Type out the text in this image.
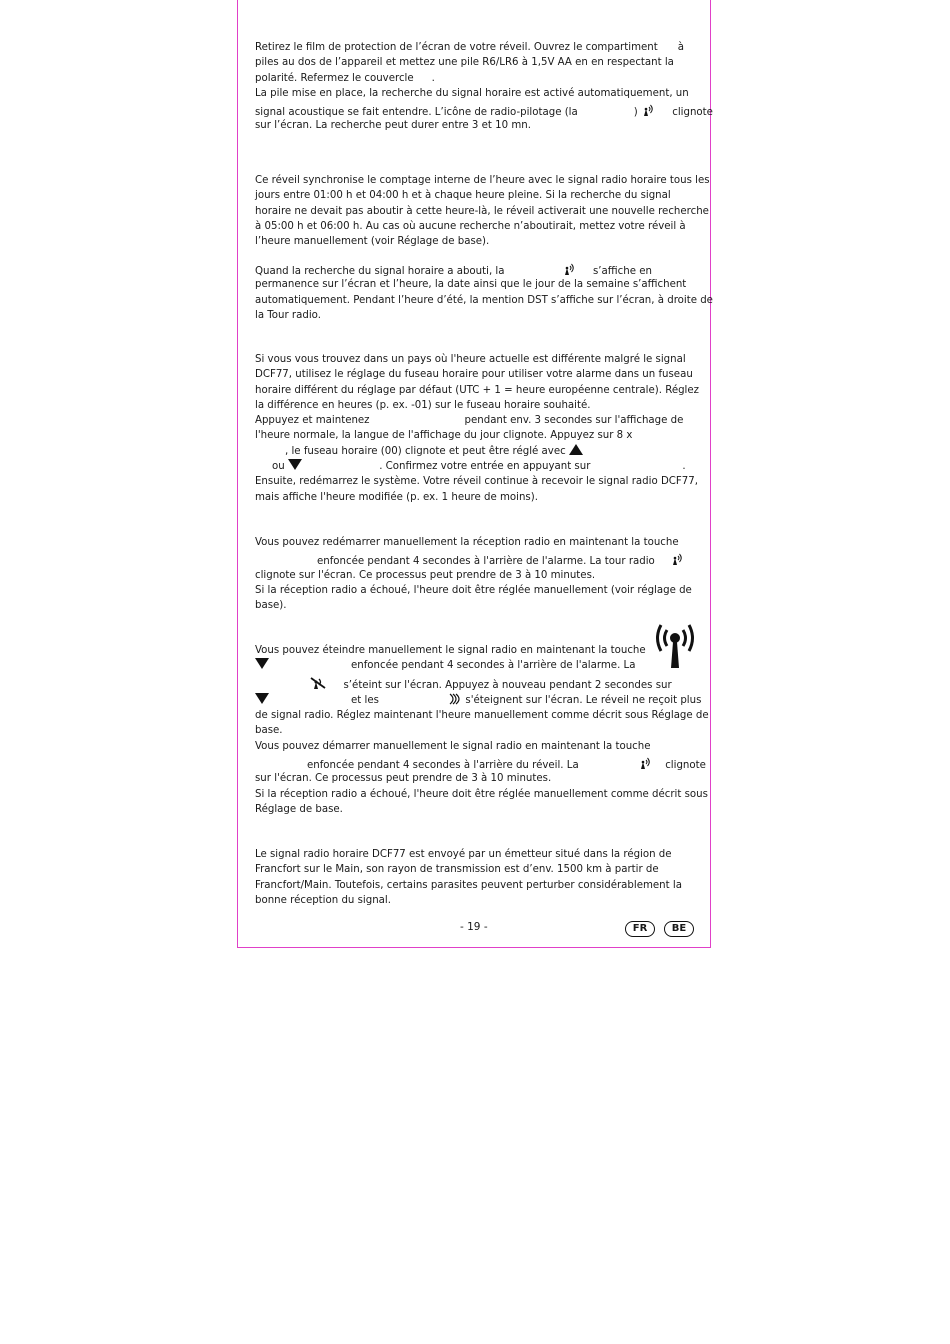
Retirez le film de protection de l’écran de votre réveil. Ouvrez le compartiment à
piles au dos de l’appareil et mettez une pile R6/LR6 à 1,5V AA en en respectant la
polarité. Refermez le couvercle .
La pile mise en place, la recherche du signal horaire est activé automatiquement, un
signal acoustique se fait entendre. L’icône de radio-pilotage (la	)	clignote
sur l’écran. La recherche peut durer entre 3 et 10 mn.
Ce réveil synchronise le comptage interne de l’heure avec le signal radio horaire tous les
jours entre 01:00 h et 04:00 h et à chaque heure pleine. Si la recherche du signal
horaire ne devait pas aboutir à cette heure-là, le réveil activerait une nouvelle recherche
à 05:00 h et 06:00 h. Au cas où aucune recherche n’aboutirait, mettez votre réveil à
l’heure manuellement (voir Réglage de base).
Quand la recherche du signal horaire a abouti, la	s’affiche en
permanence sur l’écran et l’heure, la date ainsi que le jour de la semaine s’affichent
automatiquement. Pendant l’heure d’été, la mention DST s’affiche sur l’écran, à droite de
la Tour radio.
Si vous vous trouvez dans un pays où l'heure actuelle est différente malgré le signal
DCF77, utilisez le réglage du fuseau horaire pour utiliser votre alarme dans un fuseau
horaire différent du réglage par défaut (UTC + 1 = heure européenne centrale). Réglez
la différence en heures (p. ex. -01) sur le fuseau horaire souhaité.
Appuyez et maintenez	pendant env. 3 secondes sur l'affichage de
l'heure normale, la langue de l'affichage du jour clignote. Appuyez sur 8 x
, le fuseau horaire (00) clignote et peut être réglé avec
ou	. Confirmez votre entrée en appuyant sur	.
Ensuite, redémarrez le système. Votre réveil continue à recevoir le signal radio DCF77,
mais affiche l'heure modifiée (p. ex. 1 heure de moins).
Vous pouvez redémarrer manuellement la réception radio en maintenant la touche
enfoncée pendant 4 secondes à l'arrière de l'alarme. La tour radio
clignote sur l'écran. Ce processus peut prendre de 3 à 10 minutes.
Si la réception radio a échoué, l'heure doit être réglée manuellement (voir réglage de
base).
Vous pouvez éteindre manuellement le signal radio en maintenant la touche
enfoncée pendant 4 secondes à l'arrière de l'alarme. La
s’éteint sur l'écran. Appuyez à nouveau pendant 2 secondes sur
et les	s'éteignent sur l'écran. Le réveil ne reçoit plus
de signal radio. Réglez maintenant l'heure manuellement comme décrit sous Réglage de
base.
Vous pouvez démarrer manuellement le signal radio en maintenant la touche
enfoncée pendant 4 secondes à l'arrière du réveil. La	clignote
sur l'écran. Ce processus peut prendre de 3 à 10 minutes.
Si la réception radio a échoué, l'heure doit être réglée manuellement comme décrit sous
Réglage de base.
Le signal radio horaire DCF77 est envoyé par un émetteur situé dans la région de
Francfort sur le Main, son rayon de transmission est d’env. 1500 km à partir de
Francfort/Main. Toutefois, certains parasites peuvent perturber considérablement la
bonne réception du signal.
- 19 -	FR	BE
